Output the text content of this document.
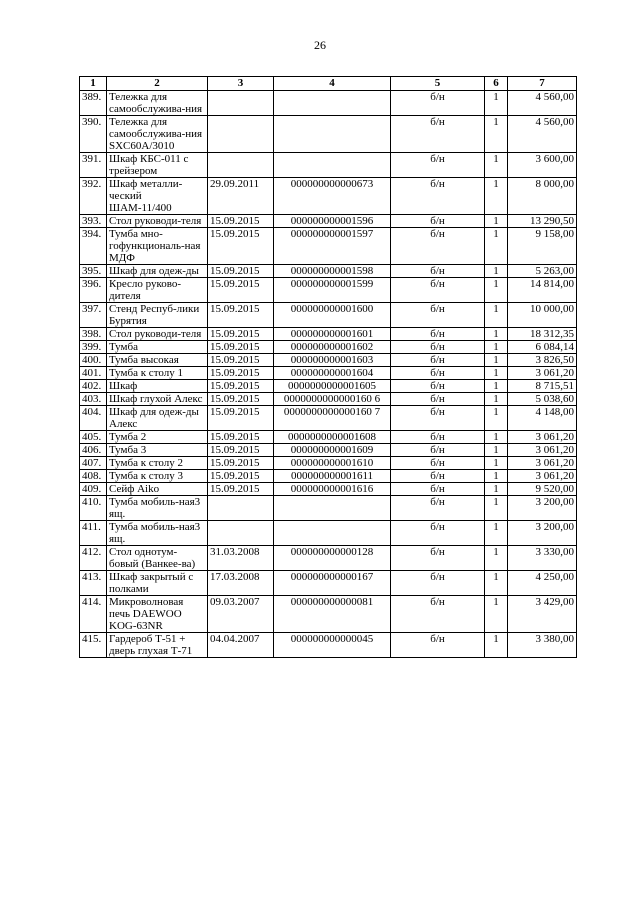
26
1	2	3	4	5	6	7
389.	Тележка для самообслужива-ния			б/н	1	4 560,00
390.	Тележка для самообслужива-ния SXC60A/3010			б/н	1	4 560,00
391.	Шкаф КБС-011 с трейзером			б/н	1	3 600,00
392.	Шкаф металли-ческий ШАМ-11/400	29.09.2011	000000000000673	б/н	1	8 000,00
393.	Стол руководи-теля	15.09.2015	000000000001596	б/н	1	13 290,50
394.	Тумба мно-гофункциональ-ная МДФ	15.09.2015	000000000001597	б/н	1	9 158,00
395.	Шкаф для одеж-ды	15.09.2015	000000000001598	б/н	1	5 263,00
396.	Кресло руково-дителя	15.09.2015	000000000001599	б/н	1	14 814,00
397.	Стенд Респуб-лики Бурятия	15.09.2015	000000000001600	б/н	1	10 000,00
398.	Стол руководи-теля	15.09.2015	000000000001601	б/н	1	18 312,35
399.	Тумба	15.09.2015	000000000001602	б/н	1	6 084,14
400.	Тумба высокая	15.09.2015	000000000001603	б/н	1	3 826,50
401.	Тумба к столу 1	15.09.2015	000000000001604	б/н	1	3 061,20
402.	Шкаф	15.09.2015	0000000000001605	б/н	1	8 715,51
403.	Шкаф глухой Алекс	15.09.2015	0000000000000160 6	б/н	1	5 038,60
404.	Шкаф для одеж-ды Алекс	15.09.2015	0000000000000160 7	б/н	1	4 148,00
405.	Тумба 2	15.09.2015	0000000000001608	б/н	1	3 061,20
406.	Тумба 3	15.09.2015	000000000001609	б/н	1	3 061,20
407.	Тумба к столу 2	15.09.2015	000000000001610	б/н	1	3 061,20
408.	Тумба к столу 3	15.09.2015	000000000001611	б/н	1	3 061,20
409.	Сейф Aiko	15.09.2015	000000000001616	б/н	1	9 520,00
410.	Тумба мобиль-ная3 ящ.			б/н	1	3 200,00
411.	Тумба мобиль-ная3 ящ.			б/н	1	3 200,00
412.	Стол однотум-бовый (Ванкее-ва)	31.03.2008	000000000000128	б/н	1	3 330,00
413.	Шкаф закрытый с полками	17.03.2008	000000000000167	б/н	1	4 250,00
414.	Микроволновая печь DAEWOO KOG-63NR	09.03.2007	000000000000081	б/н	1	3 429,00
415.	Гардероб Т-51 + дверь глухая Т-71	04.04.2007	000000000000045	б/н	1	3 380,00
